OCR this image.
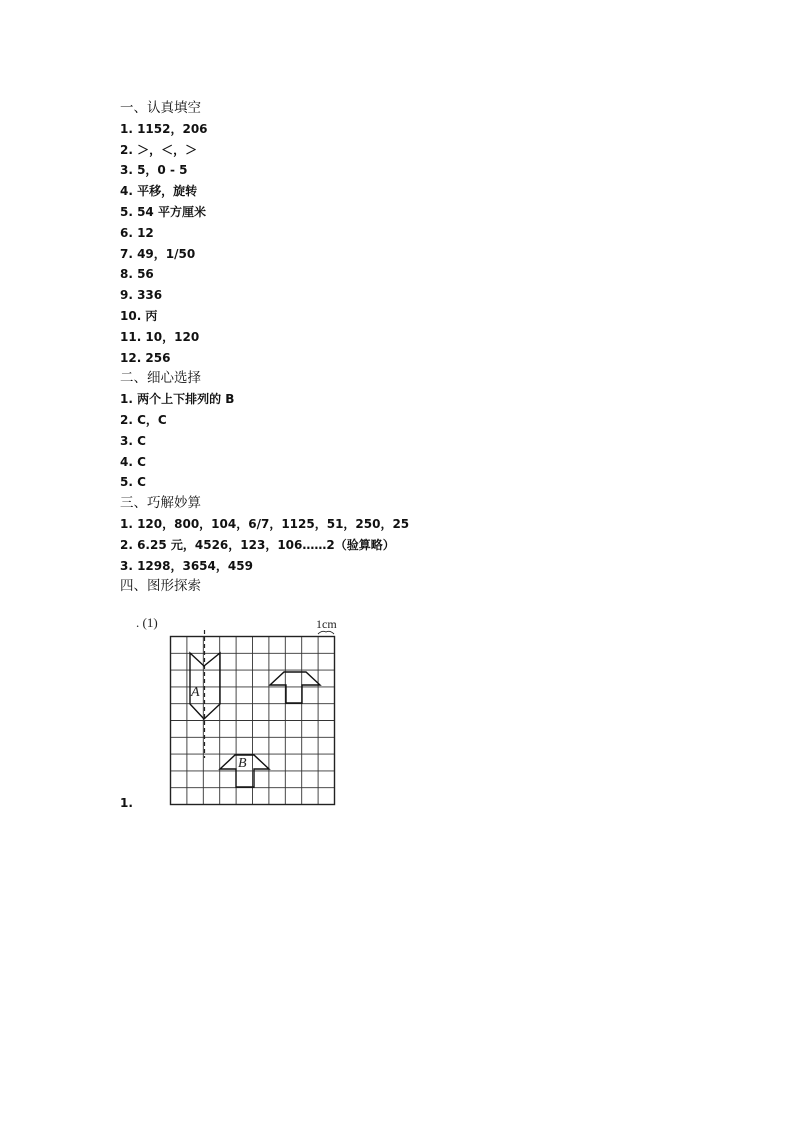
一、认真填空
1. 1152，206
2. ＞，＜，＞
3. 5，0 - 5
4. 平移，旋转
5. 54 平方厘米
6. 12
7. 49，1/50
8. 56
9. 336
10. 丙
11. 10，120
12. 256
二、细心选择
1. 两个上下排列的 B
2. C，C
3. C
4. C
5. C
三、巧解妙算
1. 120，800，104，6/7，1125，51，250，25
2. 6.25 元，4526，123，106……2（验算略）
3. 1298，3654，459
四、图形探索
1.
. (1)	1cm
A
B
